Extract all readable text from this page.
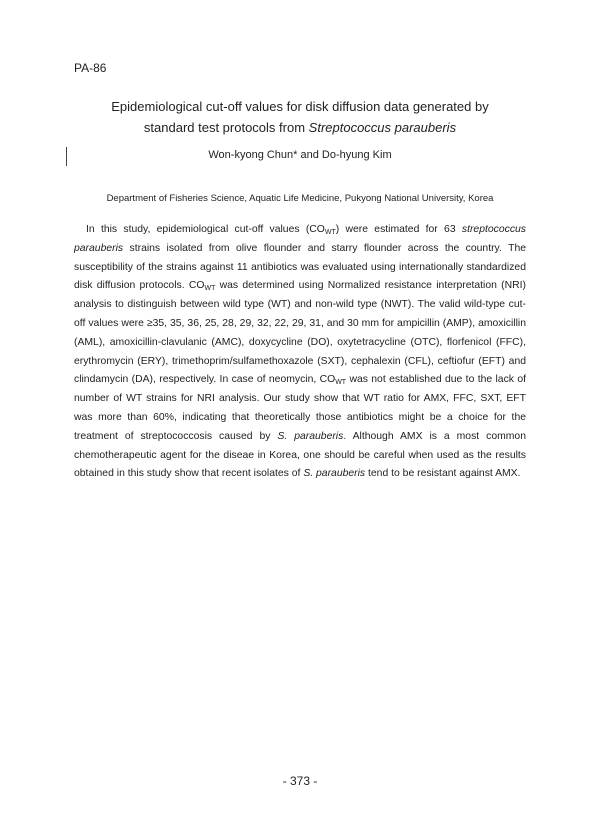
PA-86
Epidemiological cut-off values for disk diffusion data generated by
standard test protocols from Streptococcus parauberis
Won-kyong Chun* and Do-hyung Kim
Department of Fisheries Science, Aquatic Life Medicine, Pukyong National University, Korea

In this study, epidemiological cut-off values $(CO_{WT})$ were estimated for 63 streptococcus parauberis strains isolated from olive flounder and starry flounder across the country. The susceptibility of the strains against 11 antibiotics was evaluated using internationally standardized disk diffusion protocols. $CO_{WT}$ was determined using Normalized resistance interpretation (NRI) analysis to distinguish between wild type (WT) and non-wild type (NWT). The valid wild-type cut-off values were ≥35, 35, 36, 25, 28, 29, 32, 22, 29, 31, and 30 mm for ampicillin (AMP), amoxicillin (AML), amoxicillin-clavulanic (AMC), doxycycline (DO), oxytetracycline (OTC), florfenicol (FFC), erythromycin (ERY), trimethoprim/sulfamethoxazole (SXT), cephalexin (CFL), ceftiofur (EFT) and clindamycin (DA), respectively. In case of neomycin, $CO_{WT}$ was not established due to the lack of number of WT strains for NRI analysis. Our study show that WT ratio for AMX, FFC, SXT, EFT was more than 60%, indicating that theoretically those antibiotics might be a choice for the treatment of streptococcosis caused by S. parauberis. Although AMX is a most common chemotherapeutic agent for the diseae in Korea, one should be careful when used as the results obtained in this study show that recent isolates of S. parauberis tend to be resistant against AMX.

- 373 -
